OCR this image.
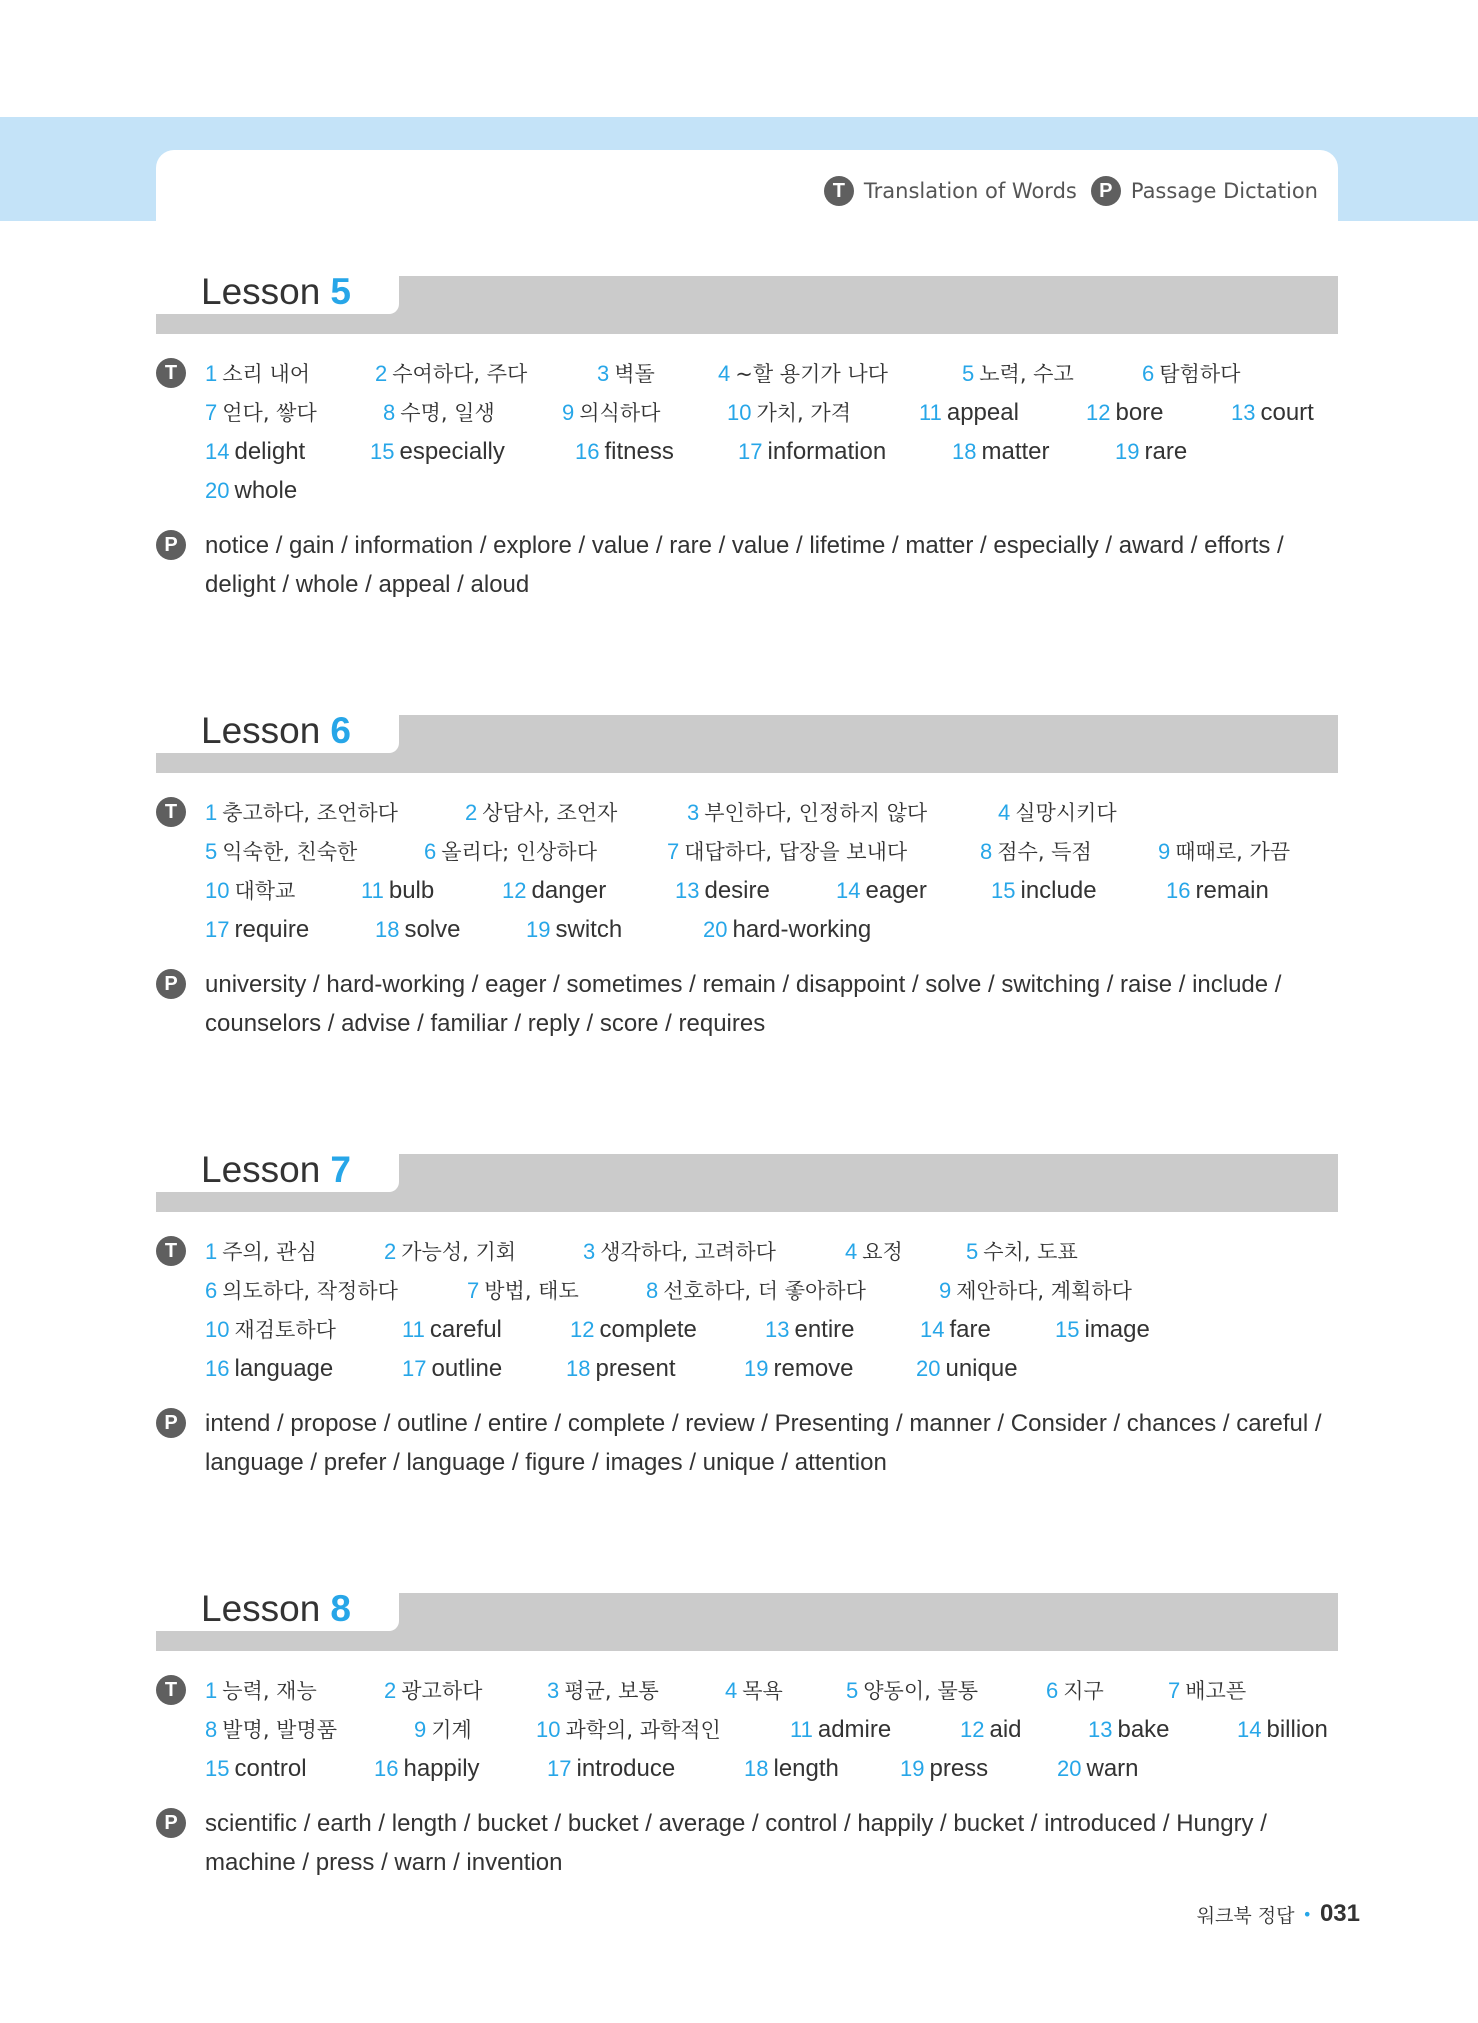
T Translation of Words	P Passage Dictation
Lesson 5
T	1 소리 내어	2 수여하다, 주다	3 벽돌	4 ~할 용기가 나다	5 노력, 수고	6 탐험하다
7 얻다, 쌓다	8 수명, 일생	9 의식하다	10 가치, 가격	11 appeal	12 bore	13 court
14 delight	15 especially	16 fitness	17 information	18 matter	19 rare
20 whole
P	notice / gain / information / explore / value / rare / value / lifetime / matter / especially / award / efforts / delight / whole / appeal / aloud
Lesson 6
T	1 충고하다, 조언하다	2 상담사, 조언자	3 부인하다, 인정하지 않다	4 실망시키다
5 익숙한, 친숙한	6 올리다; 인상하다	7 대답하다, 답장을 보내다	8 점수, 득점	9 때때로, 가끔
10 대학교	11 bulb	12 danger	13 desire	14 eager	15 include	16 remain
17 require	18 solve	19 switch	20 hard-working
P	university / hard-working / eager / sometimes / remain / disappoint / solve / switching / raise / include / counselors / advise / familiar / reply / score / requires
Lesson 7
T	1 주의, 관심	2 가능성, 기회	3 생각하다, 고려하다	4 요정	5 수치, 도표
6 의도하다, 작정하다	7 방법, 태도	8 선호하다, 더 좋아하다	9 제안하다, 계획하다
10 재검토하다	11 careful	12 complete	13 entire	14 fare	15 image
16 language	17 outline	18 present	19 remove	20 unique
P	intend / propose / outline / entire / complete / review / Presenting / manner / Consider / chances / careful / language / prefer / language / figure / images / unique / attention
Lesson 8
T	1 능력, 재능	2 광고하다	3 평균, 보통	4 목욕	5 양동이, 물통	6 지구	7 배고픈
8 발명, 발명품	9 기계	10 과학의, 과학적인	11 admire	12 aid	13 bake	14 billion
15 control	16 happily	17 introduce	18 length	19 press	20 warn
P	scientific / earth / length / bucket / bucket / average / control / happily / bucket / introduced / Hungry / machine / press / warn / invention
워크북 정답 • 031
